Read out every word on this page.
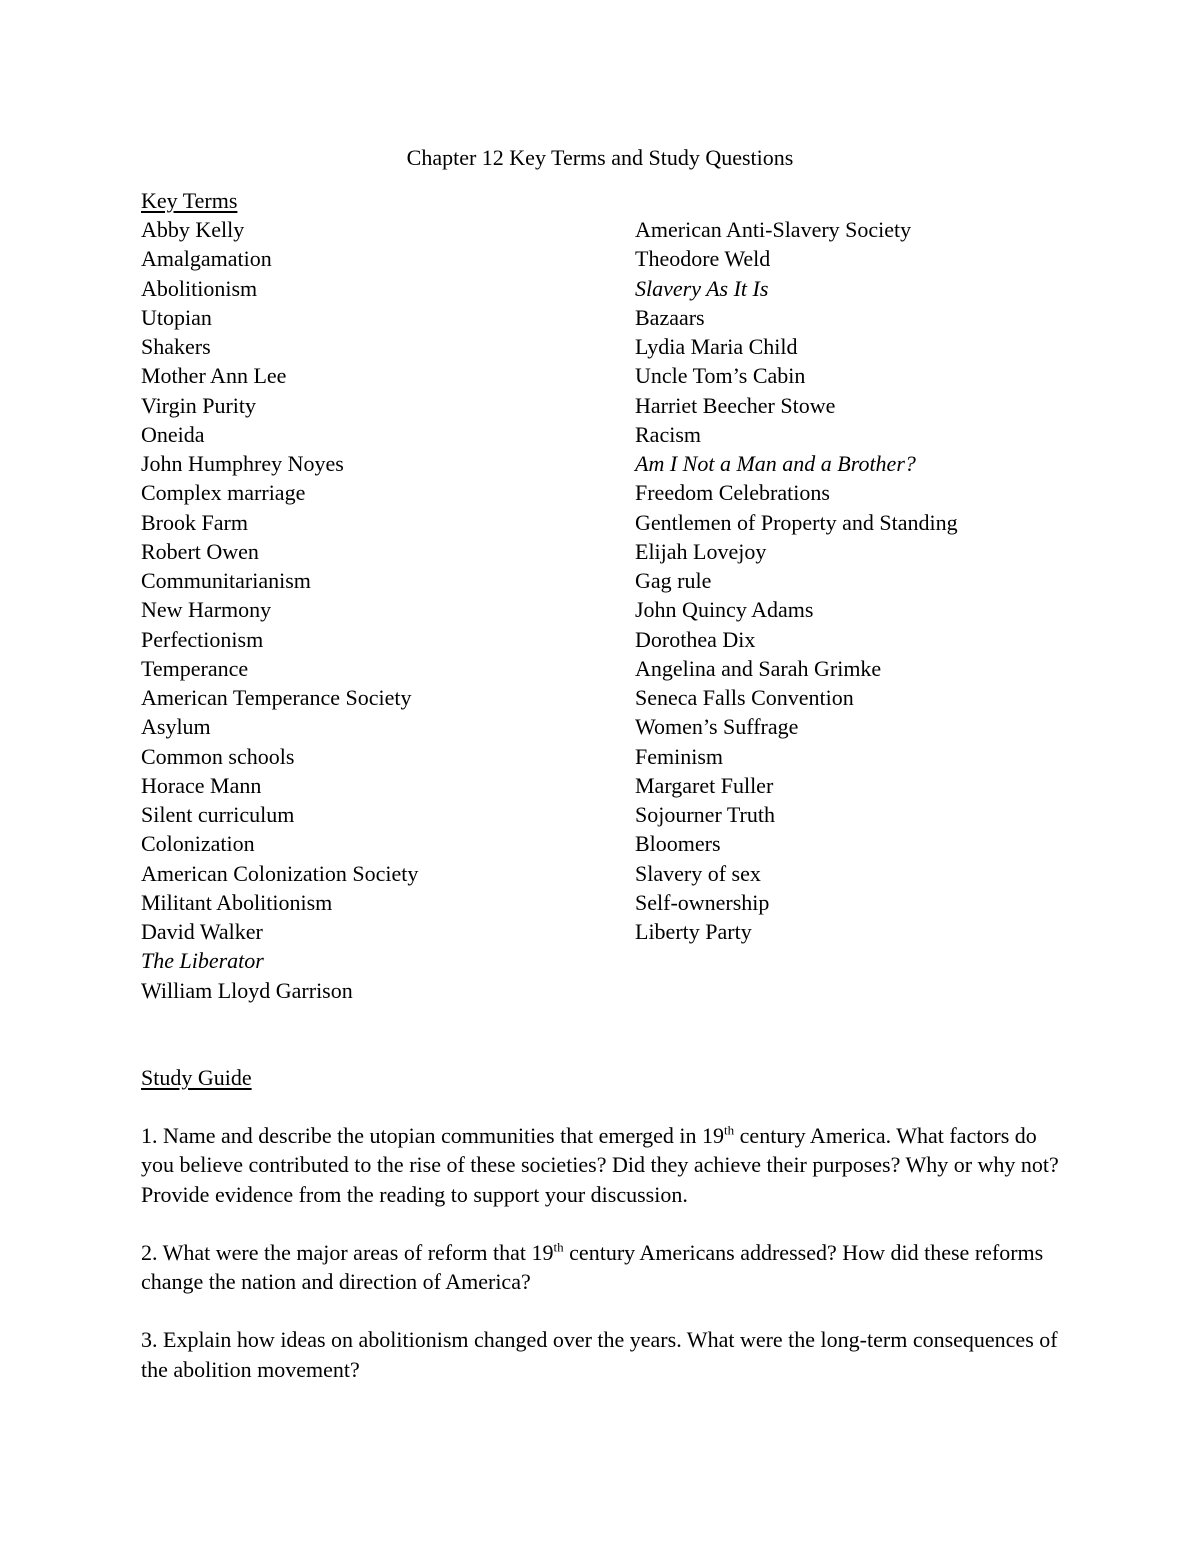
Chapter 12 Key Terms and Study Questions
Key Terms
Abby Kelly
Amalgamation
Abolitionism
Utopian
Shakers
Mother Ann Lee
Virgin Purity
Oneida
John Humphrey Noyes
Complex marriage
Brook Farm
Robert Owen
Communitarianism
New Harmony
Perfectionism
Temperance
American Temperance Society
Asylum
Common schools
Horace Mann
Silent curriculum
Colonization
American Colonization Society
Militant Abolitionism
David Walker
The Liberator
William Lloyd Garrison
American Anti-Slavery Society
Theodore Weld
Slavery As It Is
Bazaars
Lydia Maria Child
Uncle Tom’s Cabin
Harriet Beecher Stowe
Racism
Am I Not a Man and a Brother?
Freedom Celebrations
Gentlemen of Property and Standing
Elijah Lovejoy
Gag rule
John Quincy Adams
Dorothea Dix
Angelina and Sarah Grimke
Seneca Falls Convention
Women’s Suffrage
Feminism
Margaret Fuller
Sojourner Truth
Bloomers
Slavery of sex
Self-ownership
Liberty Party
Study Guide

1. Name and describe the utopian communities that emerged in 19th century America. What factors do you believe contributed to the rise of these societies? Did they achieve their purposes? Why or why not? Provide evidence from the reading to support your discussion.

2. What were the major areas of reform that 19th century Americans addressed? How did these reforms change the nation and direction of America?

3. Explain how ideas on abolitionism changed over the years. What were the long-term consequences of the abolition movement?
